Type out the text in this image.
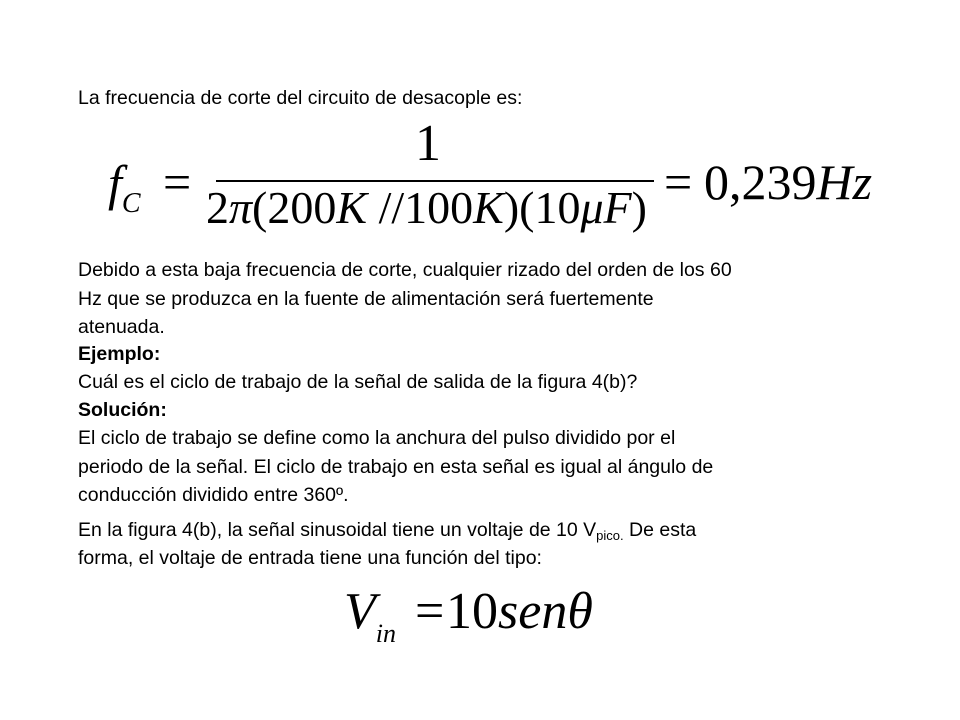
La frecuencia de corte del circuito de desacople es:
$f_C$ =
1
2π(200K //100K)(10μF) = 0,239Hz
Debido a esta baja frecuencia de corte, cualquier rizado del orden de los 60
Hz que se produzca en la fuente de alimentación será fuertemente
atenuada.
Ejemplo:
Cuál es el ciclo de trabajo de la señal de salida de la figura 4(b)?
Solución:
El ciclo de trabajo se define como la anchura del pulso dividido por el
periodo de la señal. El ciclo de trabajo en esta señal es igual al ángulo de
conducción dividido entre 360º.
En la figura 4(b), la señal sinusoidal tiene un voltaje de 10 $V_{pico.}$ De esta
forma, el voltaje de entrada tiene una función del tipo:
$V_{in} = 10sen\theta$
